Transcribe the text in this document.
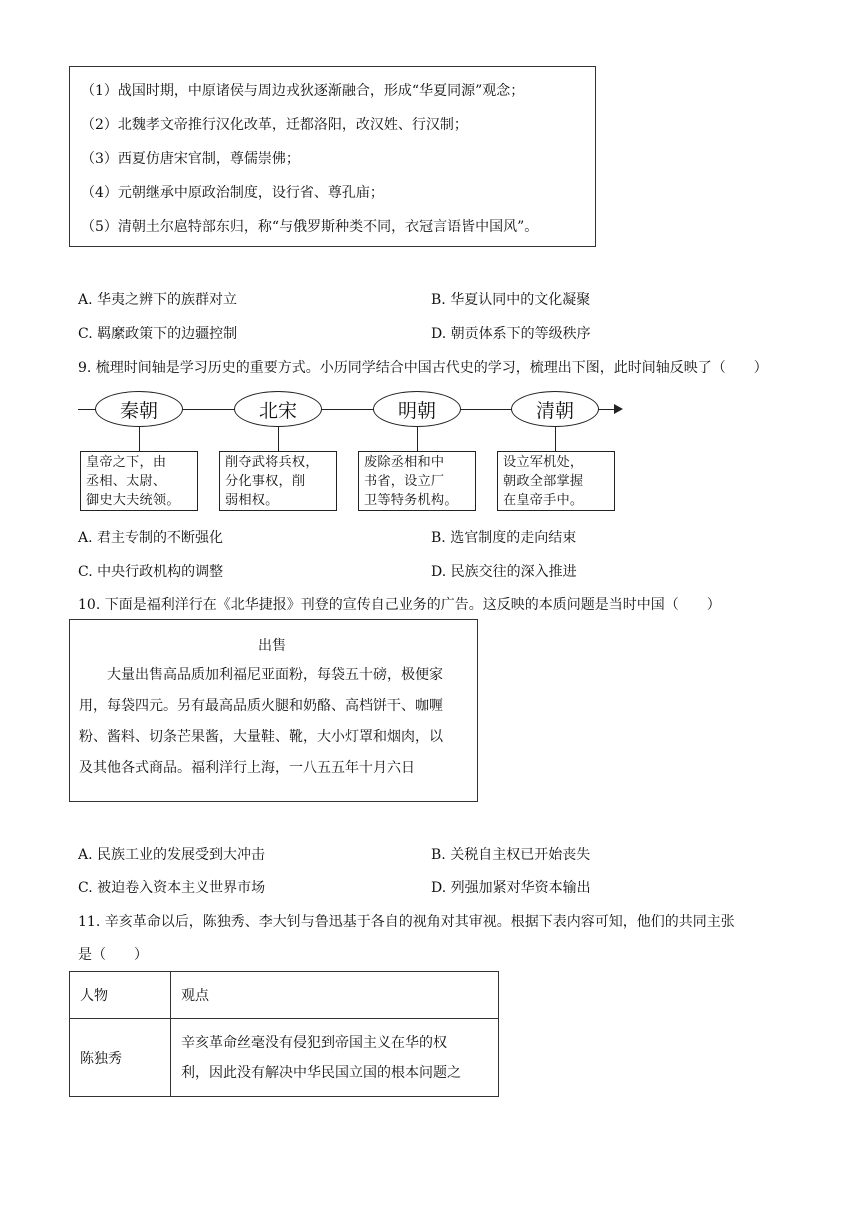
（1）战国时期，中原诸侯与周边戎狄逐渐融合，形成“华夏同源”观念；
（2）北魏孝文帝推行汉化改革，迁都洛阳，改汉姓、行汉制；
（3）西夏仿唐宋官制，尊儒崇佛；
（4）元朝继承中原政治制度，设行省、尊孔庙；
（5）清朝土尔扈特部东归，称“与俄罗斯种类不同，衣冠言语皆中国风”。
A. 华夷之辨下的族群对立	B. 华夏认同中的文化凝聚
C. 羁縻政策下的边疆控制	D. 朝贡体系下的等级秩序
9. 梳理时间轴是学习历史的重要方式。小历同学结合中国古代史的学习，梳理出下图，此时间轴反映了（　　）
秦朝
皇帝之下，由
丞相、太尉、
御史大夫统领。
北宋
削夺武将兵权，
分化事权，削
弱相权。
明朝
废除丞相和中
书省，设立厂
卫等特务机构。
清朝
设立军机处，
朝政全部掌握
在皇帝手中。
A. 君主专制的不断强化	B. 选官制度的走向结束
C. 中央行政机构的调整	D. 民族交往的深入推进
10. 下面是福利洋行在《北华捷报》刊登的宣传自己业务的广告。这反映的本质问题是当时中国（　　）
出售
　　大量出售高品质加利福尼亚面粉，每袋五十磅，极便家
用，每袋四元。另有最高品质火腿和奶酪、高档饼干、咖喱
粉、酱料、切条芒果酱，大量鞋、靴，大小灯罩和烟肉，以
及其他各式商品。福利洋行上海，一八五五年十月六日
A. 民族工业的发展受到大冲击	B. 关税自主权已开始丧失
C. 被迫卷入资本主义世界市场	D. 列强加紧对华资本输出
11. 辛亥革命以后，陈独秀、李大钊与鲁迅基于各自的视角对其审视。根据下表内容可知，他们的共同主张
是（　　）
人物	观点
陈独秀	辛亥革命丝毫没有侵犯到帝国主义在华的权
利，因此没有解决中华民国立国的根本问题之
